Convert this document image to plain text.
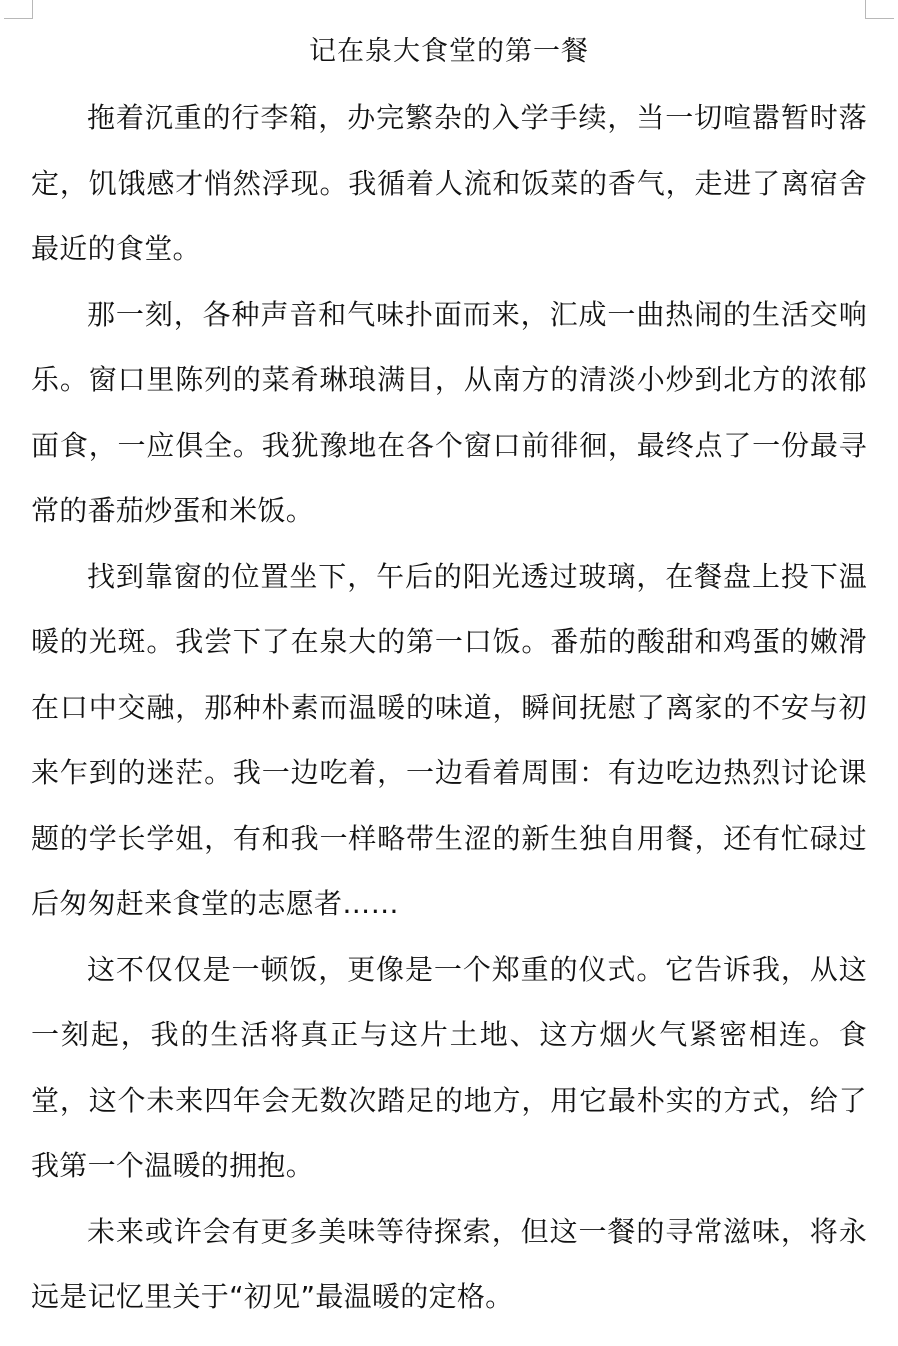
记在泉大食堂的第一餐

拖着沉重的行李箱，办完繁杂的入学手续，当一切喧嚣暂时落定，饥饿感才悄然浮现。我循着人流和饭菜的香气，走进了离宿舍最近的食堂。

那一刻，各种声音和气味扑面而来，汇成一曲热闹的生活交响乐。窗口里陈列的菜肴琳琅满目，从南方的清淡小炒到北方的浓郁面食，一应俱全。我犹豫地在各个窗口前徘徊，最终点了一份最寻常的番茄炒蛋和米饭。

找到靠窗的位置坐下，午后的阳光透过玻璃，在餐盘上投下温暖的光斑。我尝下了在泉大的第一口饭。番茄的酸甜和鸡蛋的嫩滑在口中交融，那种朴素而温暖的味道，瞬间抚慰了离家的不安与初来乍到的迷茫。我一边吃着，一边看着周围：有边吃边热烈讨论课题的学长学姐，有和我一样略带生涩的新生独自用餐，还有忙碌过后匆匆赶来食堂的志愿者……

这不仅仅是一顿饭，更像是一个郑重的仪式。它告诉我，从这一刻起，我的生活将真正与这片土地、这方烟火气紧密相连。食堂，这个未来四年会无数次踏足的地方，用它最朴实的方式，给了我第一个温暖的拥抱。

未来或许会有更多美味等待探索，但这一餐的寻常滋味，将永远是记忆里关于“初见”最温暖的定格。
